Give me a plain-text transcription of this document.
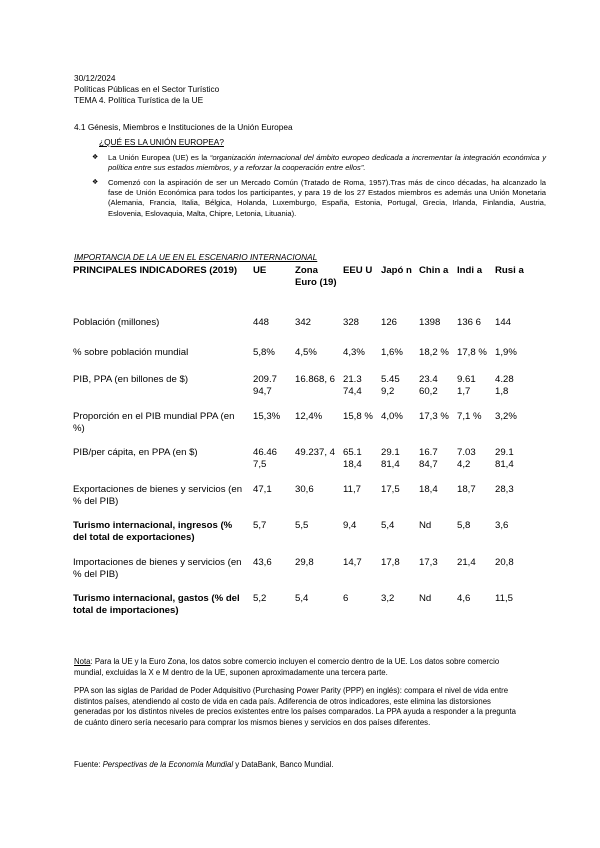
30/12/2024
Políticas Públicas en el Sector Turístico
TEMA 4. Política Turística de la UE
4.1 Génesis, Miembros e Instituciones de la Unión Europea
¿QUÉ ES LA UNIÓN EUROPEA?
❖ La Unión Europea (UE) es la “organización internacional del ámbito europeo dedicada a incrementar la integración económica y política entre sus estados miembros, y a reforzar la cooperación entre ellos”.
❖ Comenzó con la aspiración de ser un Mercado Común (Tratado de Roma, 1957).Tras más de cinco décadas, ha alcanzado la fase de Unión Económica para todos los participantes, y para 19 de los 27 Estados miembros es además una Unión Monetaria (Alemania, Francia, Italia, Bélgica, Holanda, Luxemburgo, España, Estonia, Portugal, Grecia, Irlanda, Finlandia, Austria, Eslovenia, Eslovaquia, Malta, Chipre, Letonia, Lituania).
IMPORTANCIA DE LA UE EN EL ESCENARIO INTERNACIONAL
PRINCIPALES INDICADORES (2019)	UE	Zona Euro (19)	EEU U	Japó n	Chin a	Indi a	Rusi a
Población (millones)	448	342	328	126	1398	136 6	144
% sobre población mundial	5,8%	4,5%	4,3%	1,6%	18,2 %	17,8 %	1,9%
PIB, PPA (en billones de $)	209.7 94,7	16.868, 6	21.3 74,4	5.45 9,2	23.4 60,2	9.61 1,7	4.28 1,8
Proporción en el PIB mundial PPA (en %)	15,3%	12,4%	15,8 %	4,0%	17,3 %	7,1 %	3,2%
PIB/per cápita, en PPA (en $)	46.46 7,5	49.237, 4	65.1 18,4	29.1 81,4	16.7 84,7	7.03 4,2	29.1 81,4
Exportaciones de bienes y servicios (en % del PIB)	47,1	30,6	11,7	17,5	18,4	18,7	28,3
Turismo internacional, ingresos (% del total de exportaciones)	5,7	5,5	9,4	5,4	Nd	5,8	3,6
Importaciones de bienes y servicios (en % del PIB)	43,6	29,8	14,7	17,8	17,3	21,4	20,8
Turismo internacional, gastos (% del total de importaciones)	5,2	5,4	6	3,2	Nd	4,6	11,5
Nota: Para la UE y la Euro Zona, los datos sobre comercio incluyen el comercio dentro de la UE. Los datos sobre comercio mundial, excluidas la X e M dentro de la UE, suponen aproximadamente una tercera parte.
PPA son las siglas de Paridad de Poder Adquisitivo (Purchasing Power Parity (PPP) en inglés): compara el nivel de vida entre distintos países, atendiendo al costo de vida en cada país. Adiferencia de otros indicadores, este elimina las distorsiones generadas por los distintos niveles de precios existentes entre los países comparados. La PPA ayuda a responder a la pregunta de cuánto dinero sería necesario para comprar los mismos bienes y servicios en dos países diferentes.
Fuente: Perspectivas de la Economía Mundial y DataBank, Banco Mundial.
